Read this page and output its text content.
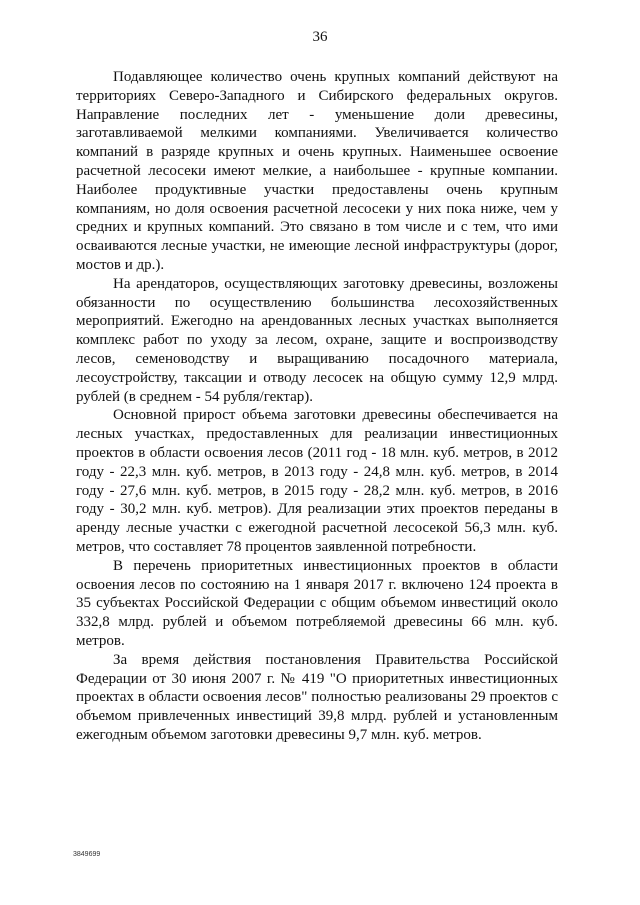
36

Подавляющее количество очень крупных компаний действуют на территориях Северо-Западного и Сибирского федеральных округов. Направление последних лет - уменьшение доли древесины, заготавливаемой мелкими компаниями. Увеличивается количество компаний в разряде крупных и очень крупных. Наименьшее освоение расчетной лесосеки имеют мелкие, а наибольшее - крупные компании. Наиболее продуктивные участки предоставлены очень крупным компаниям, но доля освоения расчетной лесосеки у них пока ниже, чем у средних и крупных компаний. Это связано в том числе и с тем, что ими осваиваются лесные участки, не имеющие лесной инфраструктуры (дорог, мостов и др.).

На арендаторов, осуществляющих заготовку древесины, возложены обязанности по осуществлению большинства лесохозяйственных мероприятий. Ежегодно на арендованных лесных участках выполняется комплекс работ по уходу за лесом, охране, защите и воспроизводству лесов, семеноводству и выращиванию посадочного материала, лесоустройству, таксации и отводу лесосек на общую сумму 12,9 млрд. рублей (в среднем - 54 рубля/гектар).

Основной прирост объема заготовки древесины обеспечивается на лесных участках, предоставленных для реализации инвестиционных проектов в области освоения лесов (2011 год - 18 млн. куб. метров, в 2012 году - 22,3 млн. куб. метров, в 2013 году - 24,8 млн. куб. метров, в 2014 году - 27,6 млн. куб. метров, в 2015 году - 28,2 млн. куб. метров, в 2016 году - 30,2 млн. куб. метров). Для реализации этих проектов переданы в аренду лесные участки с ежегодной расчетной лесосекой 56,3 млн. куб. метров, что составляет 78 процентов заявленной потребности.

В перечень приоритетных инвестиционных проектов в области освоения лесов по состоянию на 1 января 2017 г. включено 124 проекта в 35 субъектах Российской Федерации с общим объемом инвестиций около 332,8 млрд. рублей и объемом потребляемой древесины 66 млн. куб. метров.

За время действия постановления Правительства Российской Федерации от 30 июня 2007 г. № 419 "О приоритетных инвестиционных проектах в области освоения лесов" полностью реализованы 29 проектов с объемом привлеченных инвестиций 39,8 млрд. рублей и установленным ежегодным объемом заготовки древесины 9,7 млн. куб. метров.

3849699
